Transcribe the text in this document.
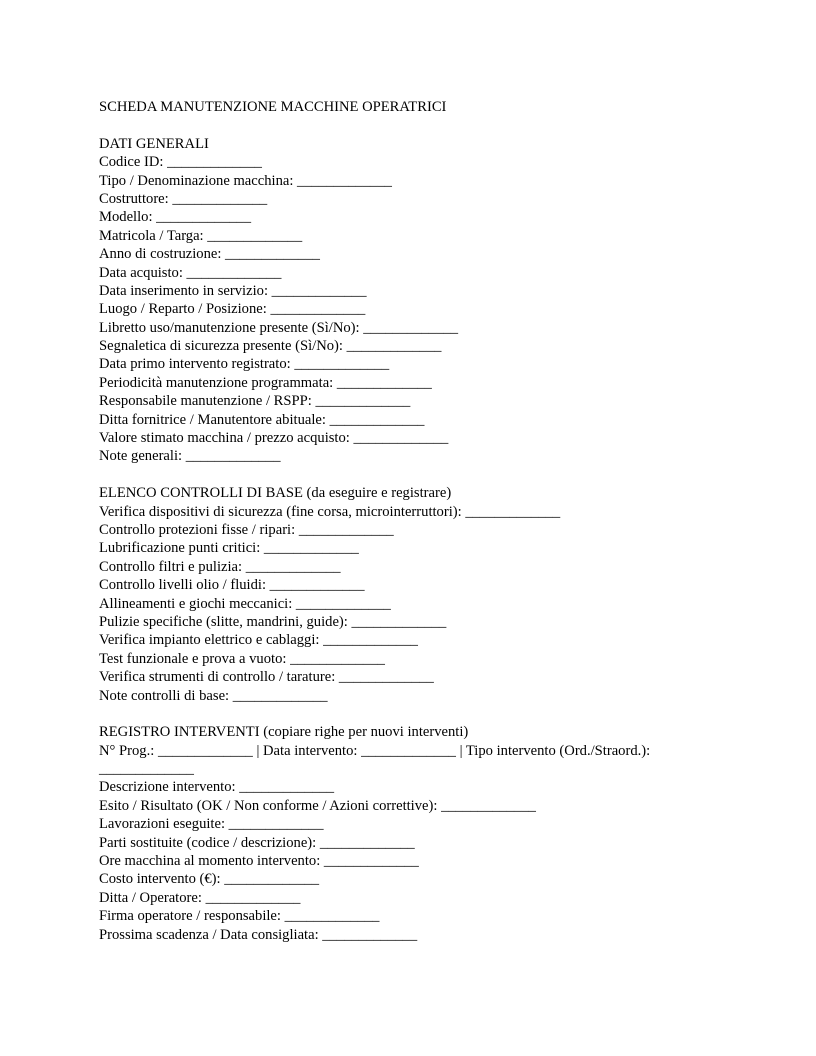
SCHEDA MANUTENZIONE MACCHINE OPERATRICI
DATI GENERALI
Codice ID: _____________
Tipo / Denominazione macchina: _____________
Costruttore: _____________
Modello: _____________
Matricola / Targa: _____________
Anno di costruzione: _____________
Data acquisto: _____________
Data inserimento in servizio: _____________
Luogo / Reparto / Posizione: _____________
Libretto uso/manutenzione presente (Sì/No): _____________
Segnaletica di sicurezza presente (Sì/No): _____________
Data primo intervento registrato: _____________
Periodicità manutenzione programmata: _____________
Responsabile manutenzione / RSPP: _____________
Ditta fornitrice / Manutentore abituale: _____________
Valore stimato macchina / prezzo acquisto: _____________
Note generali: _____________
ELENCO CONTROLLI DI BASE (da eseguire e registrare)
Verifica dispositivi di sicurezza (fine corsa, microinterruttori): _____________
Controllo protezioni fisse / ripari: _____________
Lubrificazione punti critici: _____________
Controllo filtri e pulizia: _____________
Controllo livelli olio / fluidi: _____________
Allineamenti e giochi meccanici: _____________
Pulizie specifiche (slitte, mandrini, guide): _____________
Verifica impianto elettrico e cablaggi: _____________
Test funzionale e prova a vuoto: _____________
Verifica strumenti di controllo / tarature: _____________
Note controlli di base: _____________
REGISTRO INTERVENTI (copiare righe per nuovi interventi)
N° Prog.: _____________ | Data intervento: _____________ | Tipo intervento (Ord./Straord.): _____________
Descrizione intervento: _____________
Esito / Risultato (OK / Non conforme / Azioni correttive): _____________
Lavorazioni eseguite: _____________
Parti sostituite (codice / descrizione): _____________
Ore macchina al momento intervento: _____________
Costo intervento (€): _____________
Ditta / Operatore: _____________
Firma operatore / responsabile: _____________
Prossima scadenza / Data consigliata: _____________
